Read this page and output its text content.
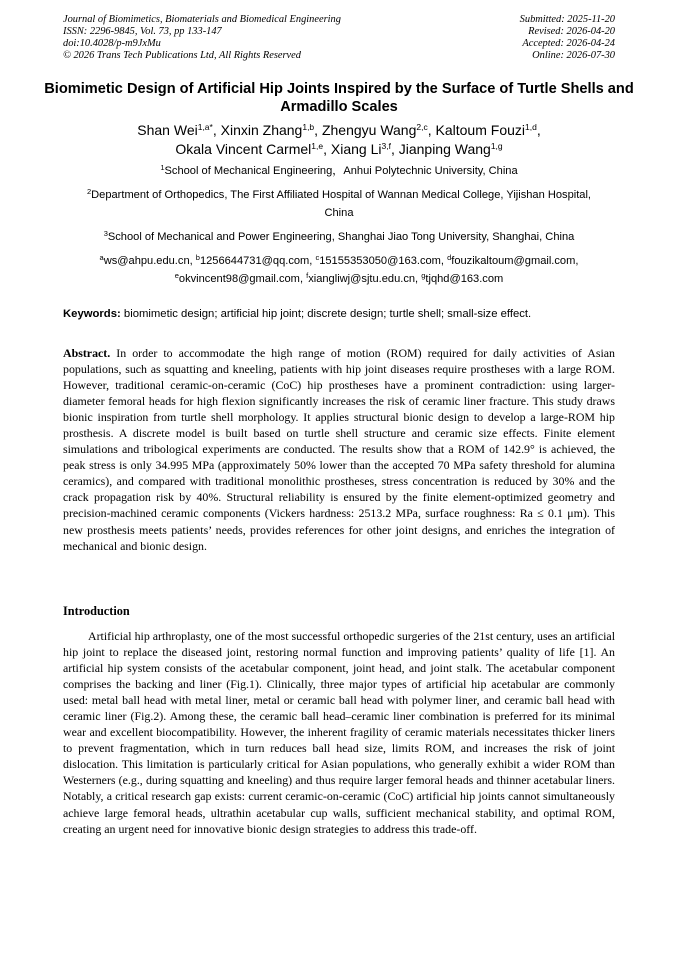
Journal of Biomimetics, Biomaterials and Biomedical Engineering	Submitted: 2025-11-20
ISSN: 2296-9845, Vol. 73, pp 133-147	Revised: 2026-04-20
doi:10.4028/p-m9JxMu	Accepted: 2026-04-24
© 2026 Trans Tech Publications Ltd, All Rights Reserved	Online: 2026-07-30
Biomimetic Design of Artificial Hip Joints Inspired by the Surface of Turtle Shells and Armadillo Scales
Shan Wei$^{1,a*}$, Xinxin Zhang$^{1,b}$, Zhengyu Wang$^{2,c}$, Kaltoum Fouzi$^{1,d}$,
Okala Vincent Carmel$^{1,e}$, Xiang Li$^{3,f}$, Jianping Wang$^{1,g}$
$^1$School of Mechanical Engineering，Anhui Polytechnic University, China
$^2$Department of Orthopedics, The First Affiliated Hospital of Wannan Medical College, Yijishan Hospital, China
$^3$School of Mechanical and Power Engineering, Shanghai Jiao Tong University, Shanghai, China
$^a$ws@ahpu.edu.cn, $^b$1256644731@qq.com, $^c$15155353050@163.com, $^d$fouzikaltoum@gmail.com,
$^e$okvincent98@gmail.com, $^f$xiangliwj@sjtu.edu.cn, $^g$tjqhd@163.com
Keywords: biomimetic design; artificial hip joint; discrete design; turtle shell; small-size effect.
Abstract. In order to accommodate the high range of motion (ROM) required for daily activities of Asian populations, such as squatting and kneeling, patients with hip joint diseases require prostheses with a large ROM. However, traditional ceramic-on-ceramic (CoC) hip prostheses have a prominent contradiction: using larger-diameter femoral heads for high flexion significantly increases the risk of ceramic liner fracture. This study draws bionic inspiration from turtle shell morphology. It applies structural bionic design to develop a large-ROM hip prosthesis. A discrete model is built based on turtle shell structure and ceramic size effects. Finite element simulations and tribological experiments are conducted. The results show that a ROM of 142.9° is achieved, the peak stress is only 34.995 MPa (approximately 50% lower than the accepted 70 MPa safety threshold for alumina ceramics), and compared with traditional monolithic prostheses, stress concentration is reduced by 30% and the crack propagation risk by 40%. Structural reliability is ensured by the finite element-optimized geometry and precision-machined ceramic components (Vickers hardness: 2513.2 MPa, surface roughness: Ra ≤ 0.1 μm). This new prosthesis meets patients’ needs, provides references for other joint designs, and enriches the integration of mechanical and bionic design.
Introduction
Artificial hip arthroplasty, one of the most successful orthopedic surgeries of the 21st century, uses an artificial hip joint to replace the diseased joint, restoring normal function and improving patients’ quality of life [1]. An artificial hip system consists of the acetabular component, joint head, and joint stalk. The acetabular component comprises the backing and liner (Fig.1). Clinically, three major types of artificial hip acetabular are commonly used: metal ball head with metal liner, metal or ceramic ball head with polymer liner, and ceramic ball head with ceramic liner (Fig.2). Among these, the ceramic ball head–ceramic liner combination is preferred for its minimal wear and excellent biocompatibility. However, the inherent fragility of ceramic materials necessitates thicker liners to prevent fragmentation, which in turn reduces ball head size, limits ROM, and increases the risk of joint dislocation. This limitation is particularly critical for Asian populations, who generally exhibit a wider ROM than Westerners (e.g., during squatting and kneeling) and thus require larger femoral heads and thinner acetabular liners. Notably, a critical research gap exists: current ceramic-on-ceramic (CoC) artificial hip joints cannot simultaneously achieve large femoral heads, ultrathin acetabular cup walls, sufficient mechanical stability, and optimal ROM, creating an urgent need for innovative bionic design strategies to address this trade-off.
